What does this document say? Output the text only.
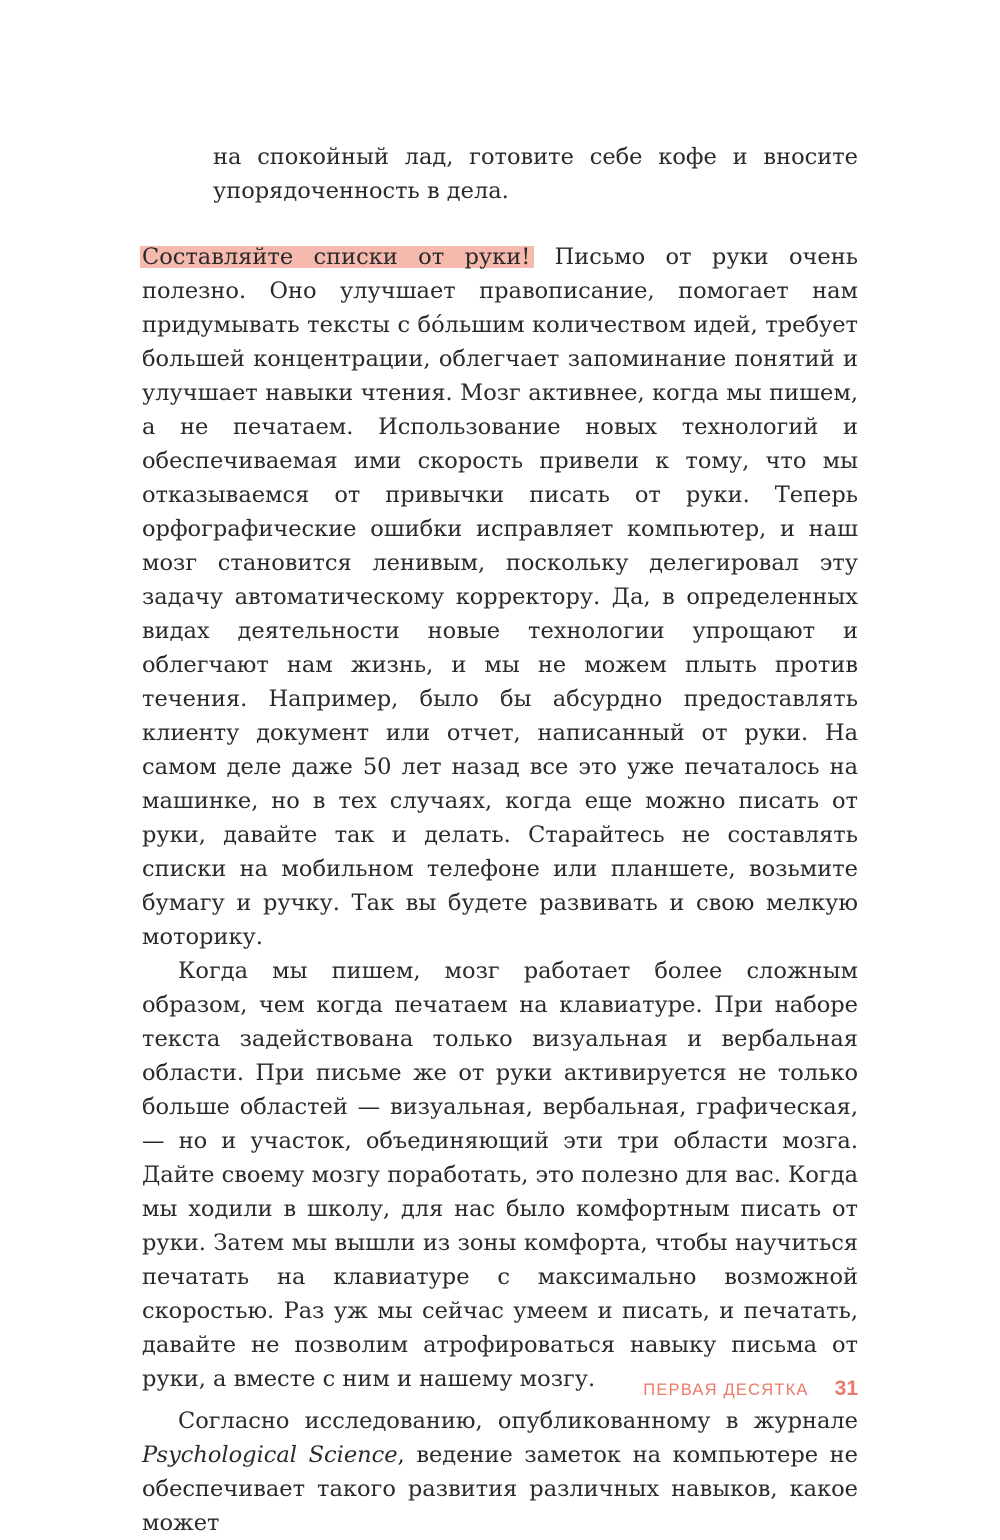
на спокойный лад, готовите себе кофе и вносите упорядоченность в дела.

Составляйте списки от руки! Письмо от руки очень полезно. Оно улучшает правописание, помогает нам придумывать тексты с бóльшим количеством идей, требует большей концентрации, облегчает запоминание понятий и улучшает навыки чтения. Мозг активнее, когда мы пишем, а не печатаем. Использование новых технологий и обеспечиваемая ими скорость привели к тому, что мы отказываемся от привычки писать от руки. Теперь орфографические ошибки исправляет компьютер, и наш мозг становится ленивым, поскольку делегировал эту задачу автоматическому корректору. Да, в определенных видах деятельности новые технологии упрощают и облегчают нам жизнь, и мы не можем плыть против течения. Например, было бы абсурдно предоставлять клиенту документ или отчет, написанный от руки. На самом деле даже 50 лет назад все это уже печаталось на машинке, но в тех случаях, когда еще можно писать от руки, давайте так и делать. Старайтесь не составлять списки на мобильном телефоне или планшете, возьмите бумагу и ручку. Так вы будете развивать и свою мелкую моторику.

Когда мы пишем, мозг работает более сложным образом, чем когда печатаем на клавиатуре. При наборе текста задействована только визуальная и вербальная области. При письме же от руки активируется не только больше областей — визуальная, вербальная, графическая, — но и участок, объединяющий эти три области мозга. Дайте своему мозгу поработать, это полезно для вас. Когда мы ходили в школу, для нас было комфортным писать от руки. Затем мы вышли из зоны комфорта, чтобы научиться печатать на клавиатуре с максимально возможной скоростью. Раз уж мы сейчас умеем и писать, и печатать, давайте не позволим атрофироваться навыку письма от руки, а вместе с ним и нашему мозгу.

Согласно исследованию, опубликованному в журнале Psychological Science, ведение заметок на компьютере не обеспечивает такого развития различных навыков, какое может

ПЕРВАЯ ДЕСЯТКА 31
